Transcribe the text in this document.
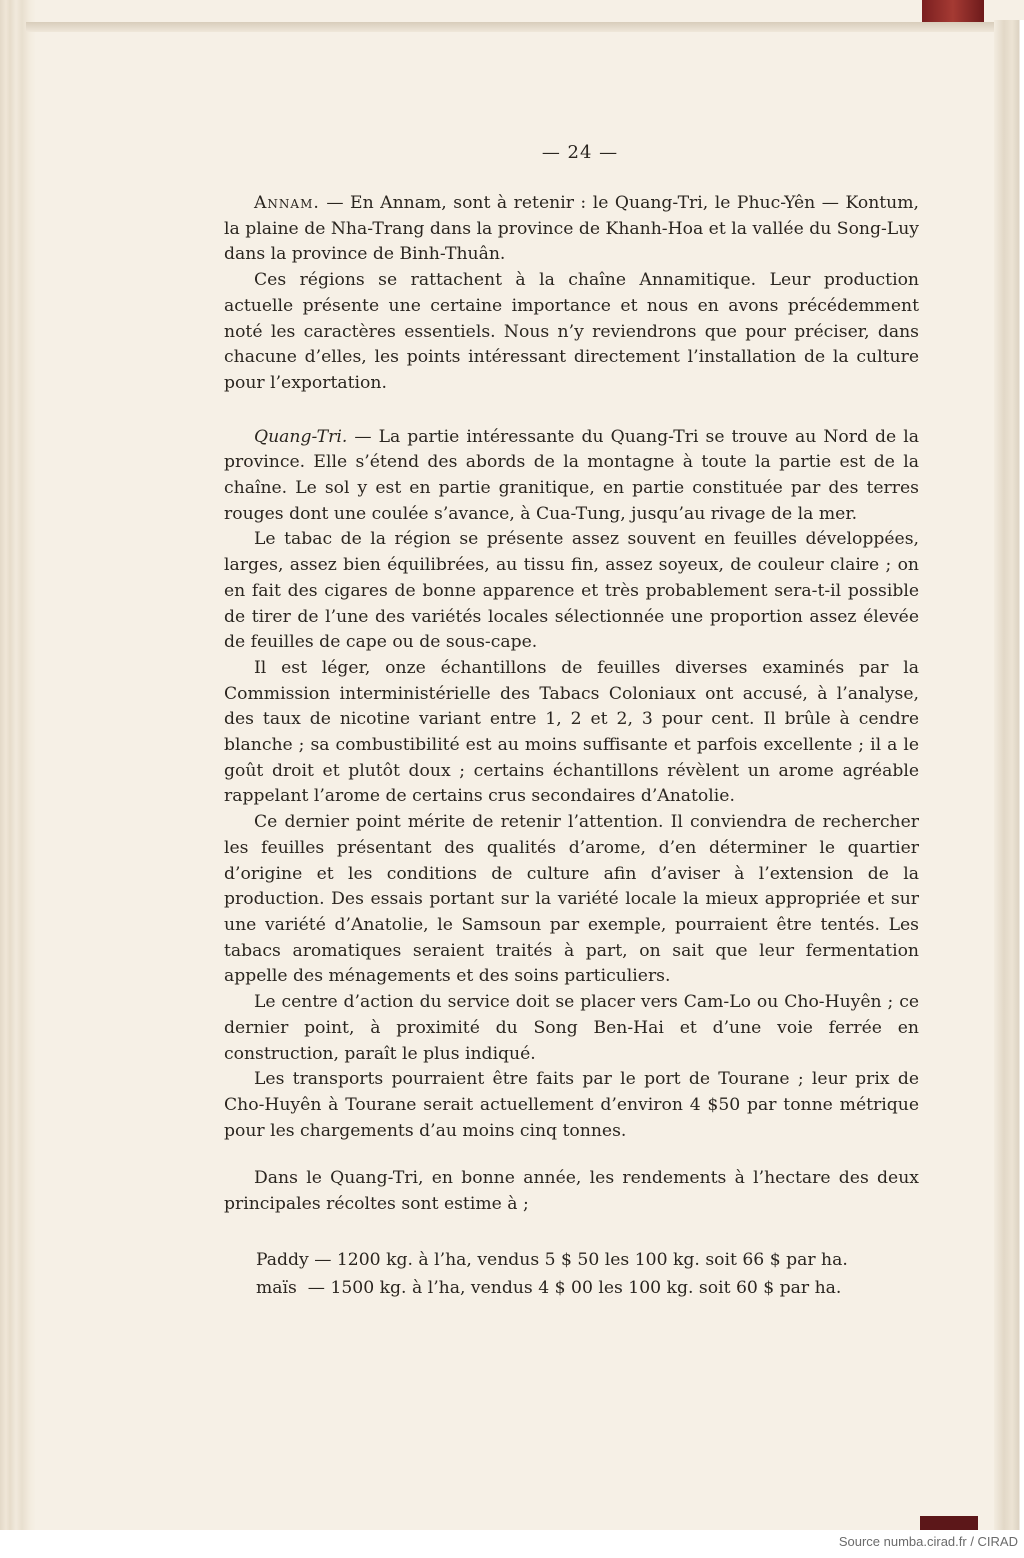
— 24 —

Annam. — En Annam, sont à retenir : le Quang-Tri, le Phuc-Yên — Kontum, la plaine de Nha-Trang dans la province de Khanh-Hoa et la vallée du Song-Luy dans la province de Binh-Thuân.

Ces régions se rattachent à la chaîne Annamitique. Leur production actuelle présente une certaine importance et nous en avons précédemment noté les caractères essentiels. Nous n’y reviendrons que pour préciser, dans chacune d’elles, les points intéressant directement l’installation de la culture pour l’exportation.

Quang-Tri. — La partie intéressante du Quang-Tri se trouve au Nord de la province. Elle s’étend des abords de la montagne à toute la partie est de la chaîne. Le sol y est en partie granitique, en partie constituée par des terres rouges dont une coulée s’avance, à Cua-Tung, jusqu’au rivage de la mer.

Le tabac de la région se présente assez souvent en feuilles développées, larges, assez bien équilibrées, au tissu fin, assez soyeux, de couleur claire ; on en fait des cigares de bonne apparence et très probablement sera-t-il possible de tirer de l’une des variétés locales sélectionnée une proportion assez élevée de feuilles de cape ou de sous-cape.

Il est léger, onze échantillons de feuilles diverses examinés par la Commission interministérielle des Tabacs Coloniaux ont accusé, à l’analyse, des taux de nicotine variant entre 1, 2 et 2, 3 pour cent. Il brûle à cendre blanche ; sa combustibilité est au moins suffisante et parfois excellente ; il a le goût droit et plutôt doux ; certains échantillons révèlent un arome agréable rappelant l’arome de certains crus secondaires d’Anatolie.

Ce dernier point mérite de retenir l’attention. Il conviendra de rechercher les feuilles présentant des qualités d’arome, d’en déterminer le quartier d’origine et les conditions de culture afin d’aviser à l’extension de la production. Des essais portant sur la variété locale la mieux appropriée et sur une variété d’Anatolie, le Samsoun par exemple, pourraient être tentés. Les tabacs aromatiques seraient traités à part, on sait que leur fermentation appelle des ménagements et des soins particuliers.

Le centre d’action du service doit se placer vers Cam-Lo ou Cho-Huyên ; ce dernier point, à proximité du Song Ben-Hai et d’une voie ferrée en construction, paraît le plus indiqué.

Les transports pourraient être faits par le port de Tourane ; leur prix de Cho-Huyên à Tourane serait actuellement d’environ 4 $50 par tonne métrique pour les chargements d’au moins cinq tonnes.

Dans le Quang-Tri, en bonne année, les rendements à l’hectare des deux principales récoltes sont estime à ;

Paddy — 1200 kg. à l’ha, vendus 5 $ 50 les 100 kg. soit 66 $ par ha.
maïs  — 1500 kg. à l’ha, vendus 4 $ 00 les 100 kg. soit 60 $ par ha.
Source numba.cirad.fr / CIRAD
